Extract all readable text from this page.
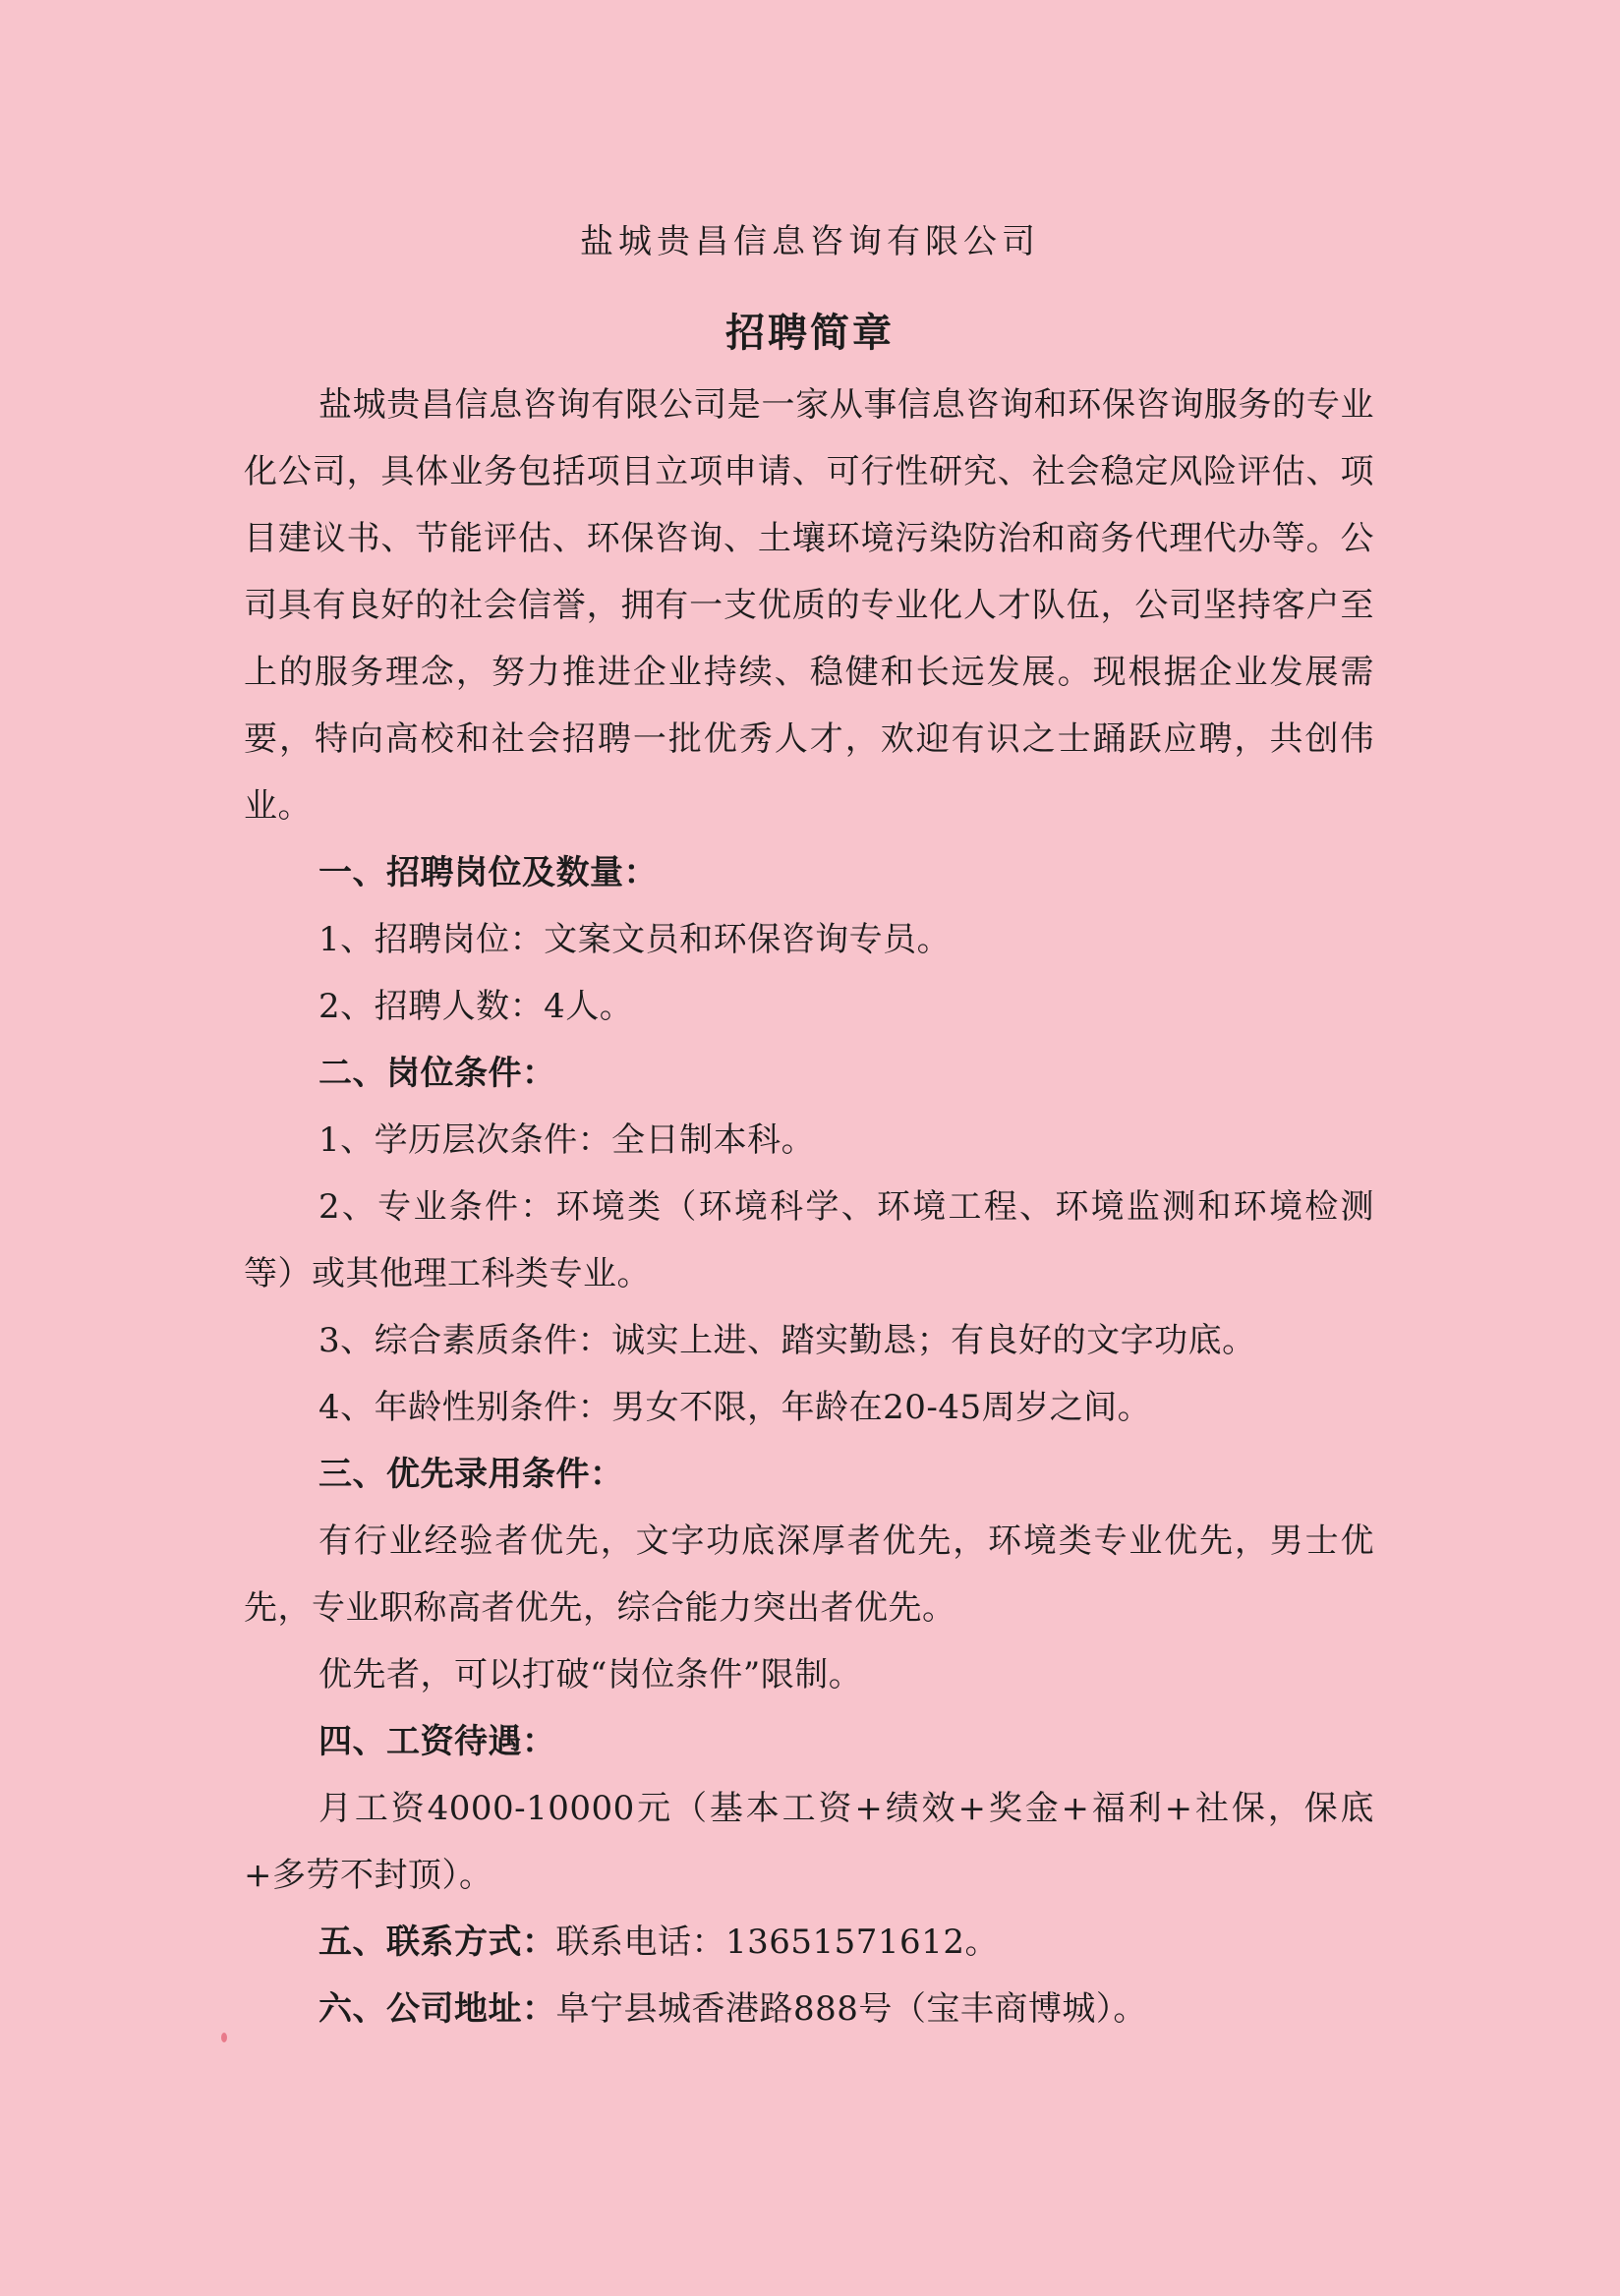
盐城贵昌信息咨询有限公司
招聘简章

盐城贵昌信息咨询有限公司是一家从事信息咨询和环保咨询服务的专业化公司，具体业务包括项目立项申请、可行性研究、社会稳定风险评估、项目建议书、节能评估、环保咨询、土壤环境污染防治和商务代理代办等。公司具有良好的社会信誉，拥有一支优质的专业化人才队伍，公司坚持客户至上的服务理念，努力推进企业持续、稳健和长远发展。现根据企业发展需要，特向高校和社会招聘一批优秀人才，欢迎有识之士踊跃应聘，共创伟业。

一、招聘岗位及数量：

1、招聘岗位：文案文员和环保咨询专员。

2、招聘人数：4人。

二、岗位条件：

1、学历层次条件：全日制本科。

2、专业条件：环境类（环境科学、环境工程、环境监测和环境检测等）或其他理工科类专业。

3、综合素质条件：诚实上进、踏实勤恳；有良好的文字功底。

4、年龄性别条件：男女不限，年龄在20-45周岁之间。

三、优先录用条件：

有行业经验者优先，文字功底深厚者优先，环境类专业优先，男士优先，专业职称高者优先，综合能力突出者优先。

优先者，可以打破“岗位条件”限制。

四、工资待遇：

月工资4000-10000元（基本工资+绩效+奖金+福利+社保，保底+多劳不封顶）。

五、联系方式：联系电话：13651571612。

六、公司地址：阜宁县城香港路888号（宝丰商博城）。
